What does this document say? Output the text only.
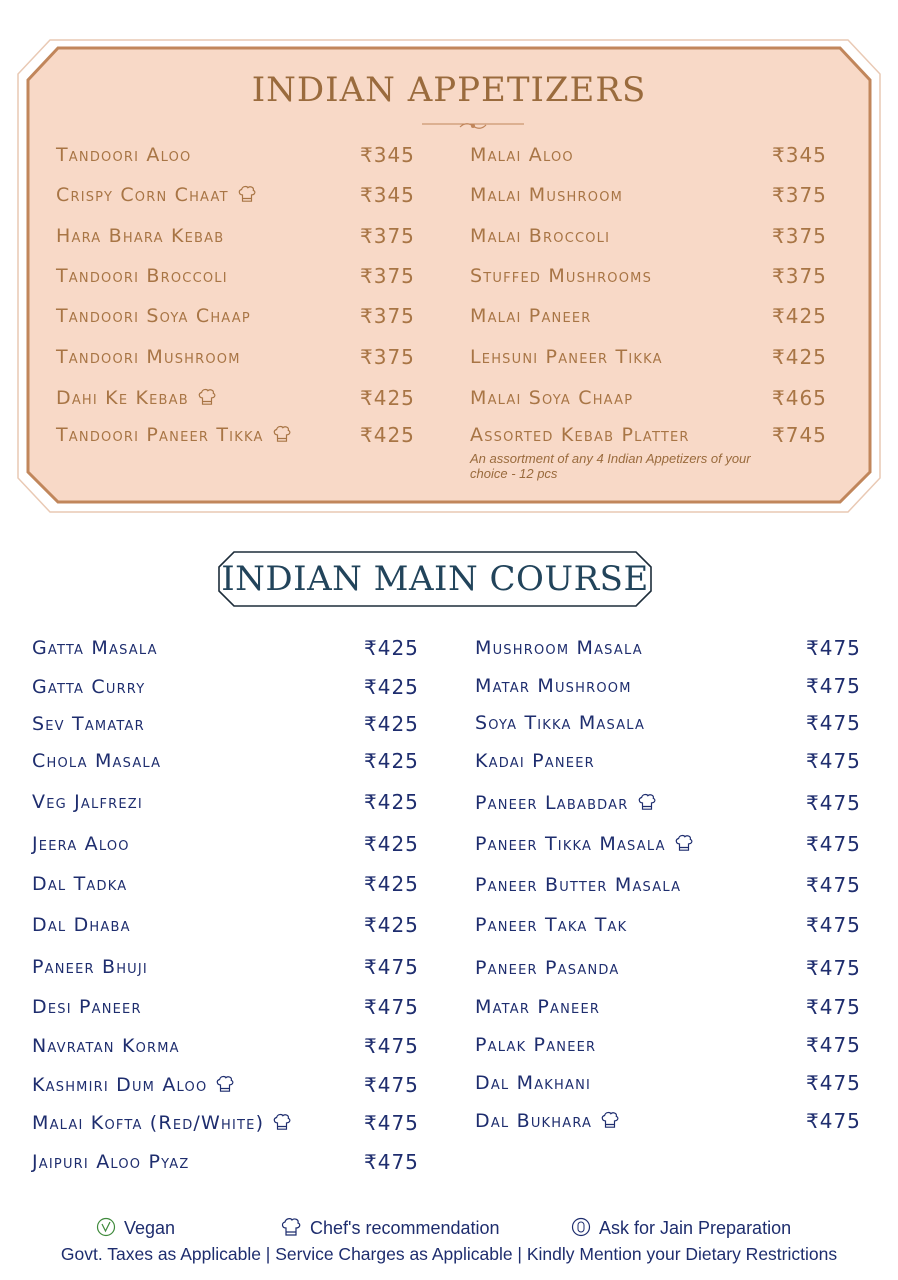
INDIAN APPETIZERS
Tandoori Aloo	₹345
Crispy Corn Chaat	₹345
Hara Bhara Kebab	₹375
Tandoori Broccoli	₹375
Tandoori Soya Chaap	₹375
Tandoori Mushroom	₹375
Dahi Ke Kebab	₹425
Tandoori Paneer Tikka	₹425
Malai Aloo	₹345
Malai Mushroom	₹375
Malai Broccoli	₹375
Stuffed Mushrooms	₹375
Malai Paneer	₹425
Lehsuni Paneer Tikka	₹425
Malai Soya Chaap	₹465
Assorted Kebab Platter	₹745
An assortment of any 4 Indian Appetizers of your choice - 12 pcs
INDIAN MAIN COURSE
Gatta Masala	₹425
Gatta Curry	₹425
Sev Tamatar	₹425
Chola Masala	₹425
Veg Jalfrezi	₹425
Jeera Aloo	₹425
Dal Tadka	₹425
Dal Dhaba	₹425
Paneer Bhuji	₹475
Desi Paneer	₹475
Navratan Korma	₹475
Kashmiri Dum Aloo	₹475
Malai Kofta (Red/White)	₹475
Jaipuri Aloo Pyaz	₹475
Mushroom Masala	₹475
Matar Mushroom	₹475
Soya Tikka Masala	₹475
Kadai Paneer	₹475
Paneer Lababdar	₹475
Paneer Tikka Masala	₹475
Paneer Butter Masala	₹475
Paneer Taka Tak	₹475
Paneer Pasanda	₹475
Matar Paneer	₹475
Palak Paneer	₹475
Dal Makhani	₹475
Dal Bukhara	₹475
Vegan	Chef's recommendation	Ask for Jain Preparation
Govt. Taxes as Applicable | Service Charges as Applicable | Kindly Mention your Dietary Restrictions
